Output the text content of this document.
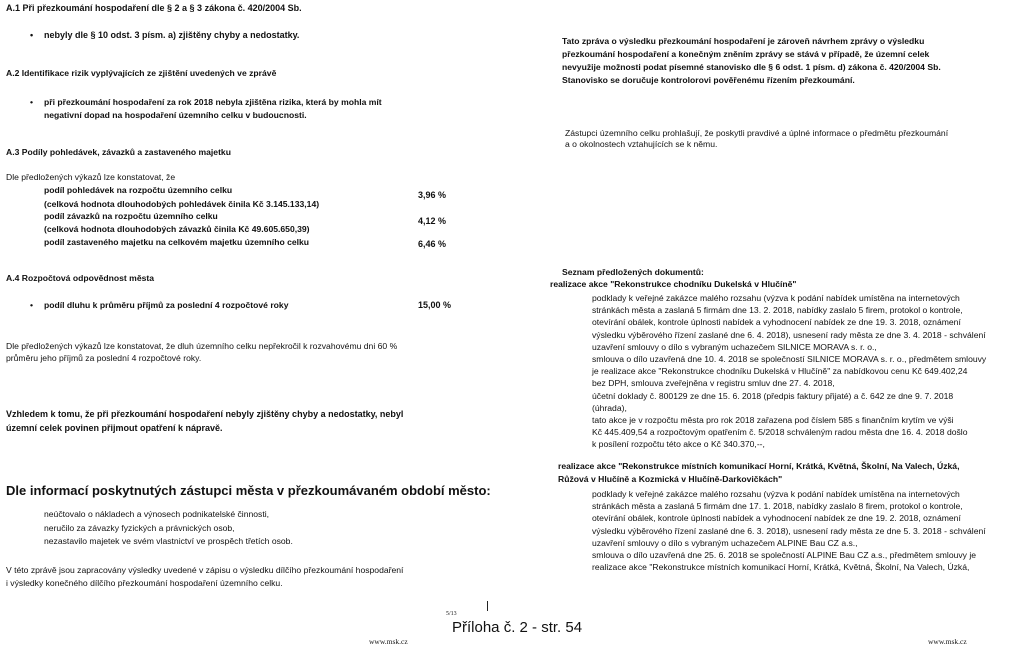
A.1 Při přezkoumání hospodaření dle § 2 a § 3 zákona č. 420/2004 Sb.
• nebyly dle § 10 odst. 3 písm. a) zjištěny chyby a nedostatky.
A.2 Identifikace rizik vyplývajících ze zjištění uvedených ve zprávě
• při přezkoumání hospodaření za rok 2018 nebyla zjištěna rizika, která by mohla mít
negativní dopad na hospodaření územního celku v budoucnosti.
A.3 Podíly pohledávek, závazků a zastaveného majetku
Dle předložených výkazů lze konstatovat, že
podíl pohledávek na rozpočtu územního celku
(celková hodnota dlouhodobých pohledávek činila Kč 3.145.133,14)
3,96 %
podíl závazků na rozpočtu územního celku
(celková hodnota dlouhodobých závazků činila Kč 49.605.650,39)
4,12 %
podíl zastaveného majetku na celkovém majetku územního celku	6,46 %
A.4 Rozpočtová odpovědnost města
• podíl dluhu k průměru příjmů za poslední 4 rozpočtové roky	15,00 %
Dle předložených výkazů lze konstatovat, že dluh územního celku nepřekročil k rozvahovému dni 60 %
průměru jeho příjmů za poslední 4 rozpočtové roky.
Vzhledem k tomu, že při přezkoumání hospodaření nebyly zjištěny chyby a nedostatky, nebyl
územní celek povinen přijmout opatření k nápravě.
Dle informací poskytnutých zástupci města v přezkoumávaném období město:
neúčtovalo o nákladech a výnosech podnikatelské činnosti,
neručilo za závazky fyzických a právnických osob,
nezastavilo majetek ve svém vlastnictví ve prospěch třetích osob.
V této zprávě jsou zapracovány výsledky uvedené v zápisu o výsledku dílčího přezkoumání hospodaření
i výsledky konečného dílčího přezkoumání hospodaření územního celku.
www.msk.cz
Tato zpráva o výsledku přezkoumání hospodaření je zároveň návrhem zprávy o výsledku
přezkoumání hospodaření a konečným zněním zprávy se stává v případě, že územní celek
nevyužije možnosti podat písemné stanovisko dle § 6 odst. 1 písm. d) zákona č. 420/2004 Sb.
Stanovisko se doručuje kontrolorovi pověřenému řízením přezkoumání.
Zástupci územního celku prohlašují, že poskytli pravdivé a úplné informace o předmětu přezkoumání
a o okolnostech vztahujících se k němu.
Seznam předložených dokumentů:
realizace akce "Rekonstrukce chodníku Dukelská v Hlučíně"
podklady k veřejné zakázce malého rozsahu (výzva k podání nabídek umístěna na internetových
stránkách města a zaslaná 5 firmám dne 13. 2. 2018, nabídky zaslalo 5 firem, protokol o kontrole,
otevírání obálek, kontrole úplnosti nabídek a vyhodnocení nabídek ze dne 19. 3. 2018, oznámení
výsledku výběrového řízení zaslané dne 6. 4. 2018), usnesení rady města ze dne 3. 4. 2018 - schválení
uzavření smlouvy o dílo s vybraným uchazečem SILNICE MORAVA s. r. o.,
smlouva o dílo uzavřená dne 10. 4. 2018 se společností SILNICE MORAVA s. r. o., předmětem smlouvy
je realizace akce "Rekonstrukce chodníku Dukelská v Hlučíně" za nabídkovou cenu Kč 649.402,24
bez DPH, smlouva zveřejněna v registru smluv dne 27. 4. 2018,
účetní doklady č. 800129 ze dne 15. 6. 2018 (předpis faktury přijaté) a č. 642 ze dne 9. 7. 2018
(úhrada),
tato akce je v rozpočtu města pro rok 2018 zařazena pod číslem 585 s finančním krytím ve výši
Kč 445.409,54 a rozpočtovým opatřením č. 5/2018 schváleným radou města dne 16. 4. 2018 došlo
k posílení rozpočtu této akce o Kč 340.370,--,
realizace akce "Rekonstrukce místních komunikací Horní, Krátká, Květná, Školní, Na Valech, Úzká,
Růžová v Hlučíně a Kozmická v Hlučíně-Darkovičkách"
podklady k veřejné zakázce malého rozsahu (výzva k podání nabídek umístěna na internetových
stránkách města a zaslaná 5 firmám dne 17. 1. 2018, nabídky zaslalo 8 firem, protokol o kontrole,
otevírání obálek, kontrole úplnosti nabídek a vyhodnocení nabídek ze dne 19. 2. 2018, oznámení
výsledku výběrového řízení zaslané dne 6. 3. 2018), usnesení rady města ze dne 5. 3. 2018 - schválení
uzavření smlouvy o dílo s vybraným uchazečem ALPINE Bau CZ a.s.,
smlouva o dílo uzavřená dne 25. 6. 2018 se společností ALPINE Bau CZ a.s., předmětem smlouvy je
realizace akce "Rekonstrukce místních komunikací Horní, Krátká, Květná, Školní, Na Valech, Úzká,
5/13
Příloha č. 2 - str. 54
www.msk.cz
